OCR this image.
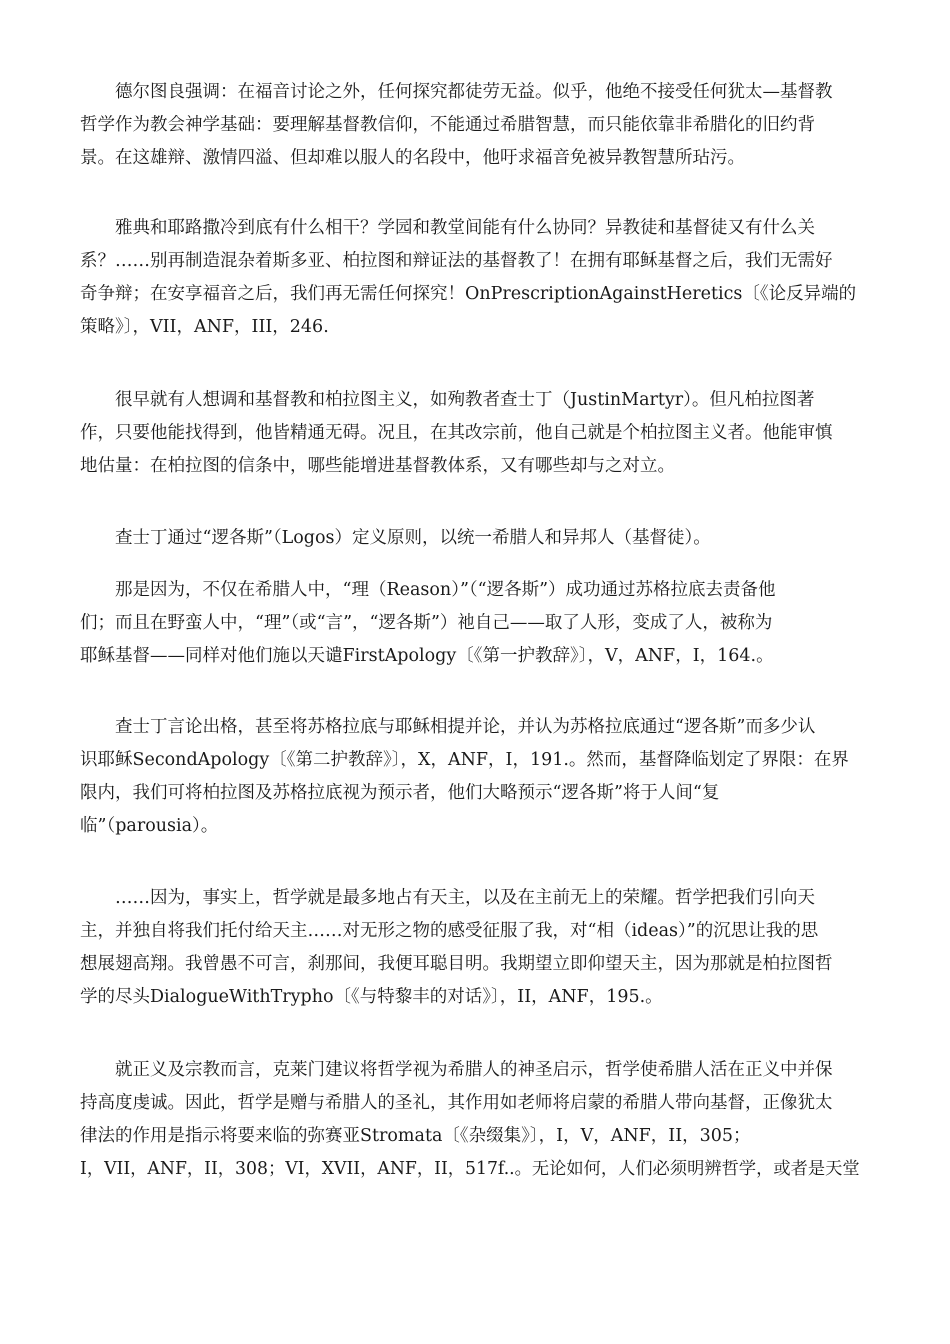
德尔图良强调：在福音讨论之外，任何探究都徒劳无益。似乎，他绝不接受任何犹太—基督教
哲学作为教会神学基础：要理解基督教信仰，不能通过希腊智慧，而只能依靠非希腊化的旧约背
景。在这雄辩、激情四溢、但却难以服人的名段中，他吁求福音免被异教智慧所玷污。
雅典和耶路撒冷到底有什么相干？学园和教堂间能有什么协同？异教徒和基督徒又有什么关
系？……别再制造混杂着斯多亚、柏拉图和辩证法的基督教了！在拥有耶稣基督之后，我们无需好
奇争辩；在安享福音之后，我们再无需任何探究！OnPrescriptionAgainstHeretics〔《论反异端的
策略》〕，VII，ANF，III，246.
很早就有人想调和基督教和柏拉图主义，如殉教者查士丁（JustinMartyr）。但凡柏拉图著
作，只要他能找得到，他皆精通无碍。况且，在其改宗前，他自己就是个柏拉图主义者。他能审慎
地估量：在柏拉图的信条中，哪些能增进基督教体系，又有哪些却与之对立。
查士丁通过“逻各斯”（Logos）定义原则，以统一希腊人和异邦人（基督徒）。
那是因为，不仅在希腊人中，“理（Reason）”（“逻各斯”）成功通过苏格拉底去责备他
们；而且在野蛮人中，“理”（或“言”，“逻各斯”）祂自己——取了人形，变成了人，被称为
耶稣基督——同样对他们施以天谴FirstApology〔《第一护教辞》〕，V，ANF，I，164.。
查士丁言论出格，甚至将苏格拉底与耶稣相提并论，并认为苏格拉底通过“逻各斯”而多少认
识耶稣SecondApology〔《第二护教辞》〕，X，ANF，I，191.。然而，基督降临划定了界限：在界
限内，我们可将柏拉图及苏格拉底视为预示者，他们大略预示“逻各斯”将于人间“复
临”（parousia）。
……因为，事实上，哲学就是最多地占有天主，以及在主前无上的荣耀。哲学把我们引向天
主，并独自将我们托付给天主……对无形之物的感受征服了我，对“相（ideas）”的沉思让我的思
想展翅高翔。我曾愚不可言，刹那间，我便耳聪目明。我期望立即仰望天主，因为那就是柏拉图哲
学的尽头DialogueWithTrypho〔《与特黎丰的对话》〕，II，ANF，195.。
就正义及宗教而言，克莱门建议将哲学视为希腊人的神圣启示，哲学使希腊人活在正义中并保
持高度虔诚。因此，哲学是赠与希腊人的圣礼，其作用如老师将启蒙的希腊人带向基督，正像犹太
律法的作用是指示将要来临的弥赛亚Stromata〔《杂缀集》〕，I，V，ANF，II，305；
I，VII，ANF，II，308；VI，XVII，ANF，II，517f..。无论如何，人们必须明辨哲学，或者是天堂
